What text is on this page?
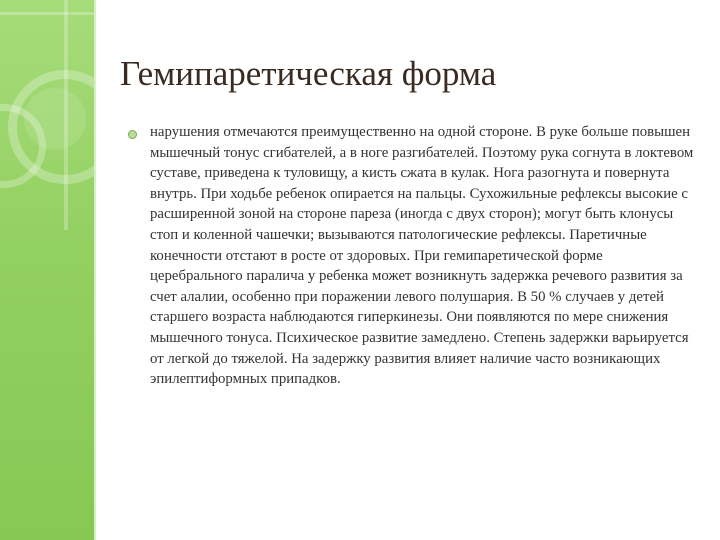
Гемипаретическая форма

нарушения отмечаются преимущественно на одной стороне. В руке больше повышен мышечный тонус сгибателей, а в ноге разгибателей. Поэтому рука согнута в локтевом суставе, приведена к туловищу, а кисть сжата в кулак. Нога разогнута и повернута внутрь. При ходьбе ребенок опирается на пальцы. Сухожильные рефлексы высокие с расширенной зоной на стороне пареза (иногда с двух сторон); могут быть клонусы стоп и коленной чашечки; вызываются патологические рефлексы. Паретичные конечности отстают в росте от здоровых. При гемипаретической форме церебрального паралича у ребенка может возникнуть задержка речевого развития за счет алалии, особенно при поражении левого полушария. В 50 % случаев у детей старшего возраста наблюдаются гиперкинезы. Они появляются по мере снижения мышечного тонуса. Психическое развитие замедлено. Степень задержки варьируется от легкой до тяжелой. На задержку развития влияет наличие часто возникающих эпилептиформных припадков.
